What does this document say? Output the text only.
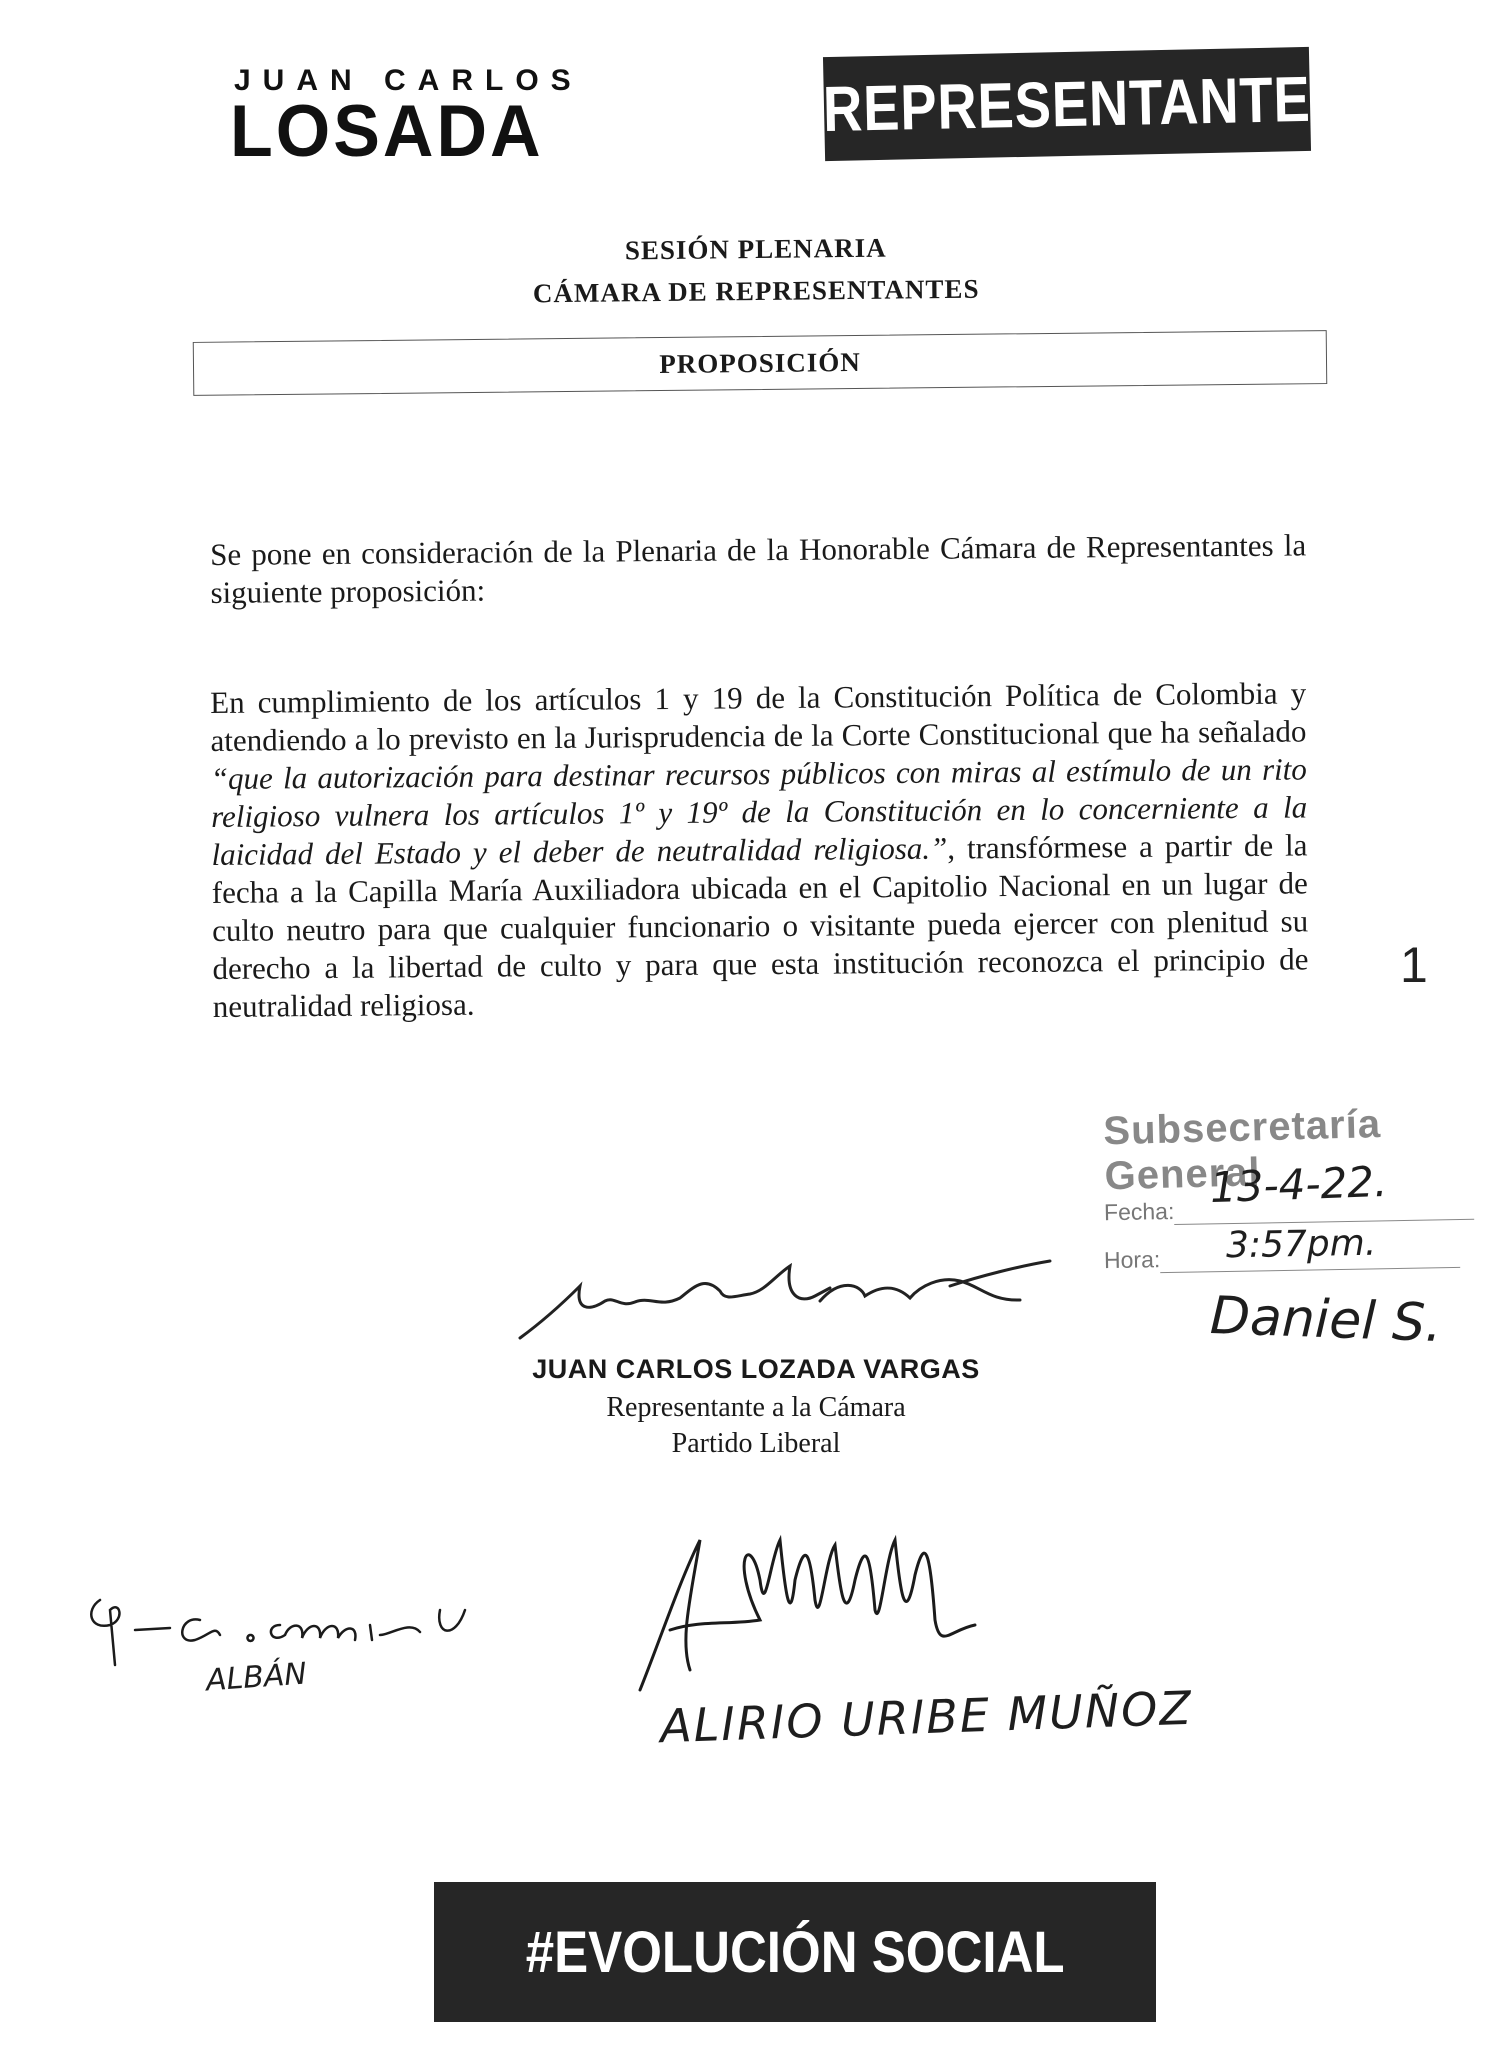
JUAN CARLOS
LOSADA	REPRESENTANTE
SESIÓN PLENARIA
CÁMARA DE REPRESENTANTES
PROPOSICIÓN
Se pone en consideración de la Plenaria de la Honorable Cámara de Representantes la siguiente proposición:
En cumplimiento de los artículos 1 y 19 de la Constitución Política de Colombia y atendiendo a lo previsto en la Jurisprudencia de la Corte Constitucional que ha señalado “que la autorización para destinar recursos públicos con miras al estímulo de un rito religioso vulnera los artículos 1º y 19º de la Constitución en lo concerniente a la laicidad del Estado y el deber de neutralidad religiosa.”, transfórmese a partir de la fecha a la Capilla María Auxiliadora ubicada en el Capitolio Nacional en un lugar de culto neutro para que cualquier funcionario o visitante pueda ejercer con plenitud su derecho a la libertad de culto y para que esta institución reconozca el principio de neutralidad religiosa.
1
Subsecretaría General
Fecha:
Hora:
13-4-22.
3:57pm.
Daniel S.
JUAN CARLOS LOZADA VARGAS
Representante a la Cámara
Partido Liberal
ALBÁN
ALIRIO URIBE MUÑOZ
#EVOLUCIÓN SOCIAL
